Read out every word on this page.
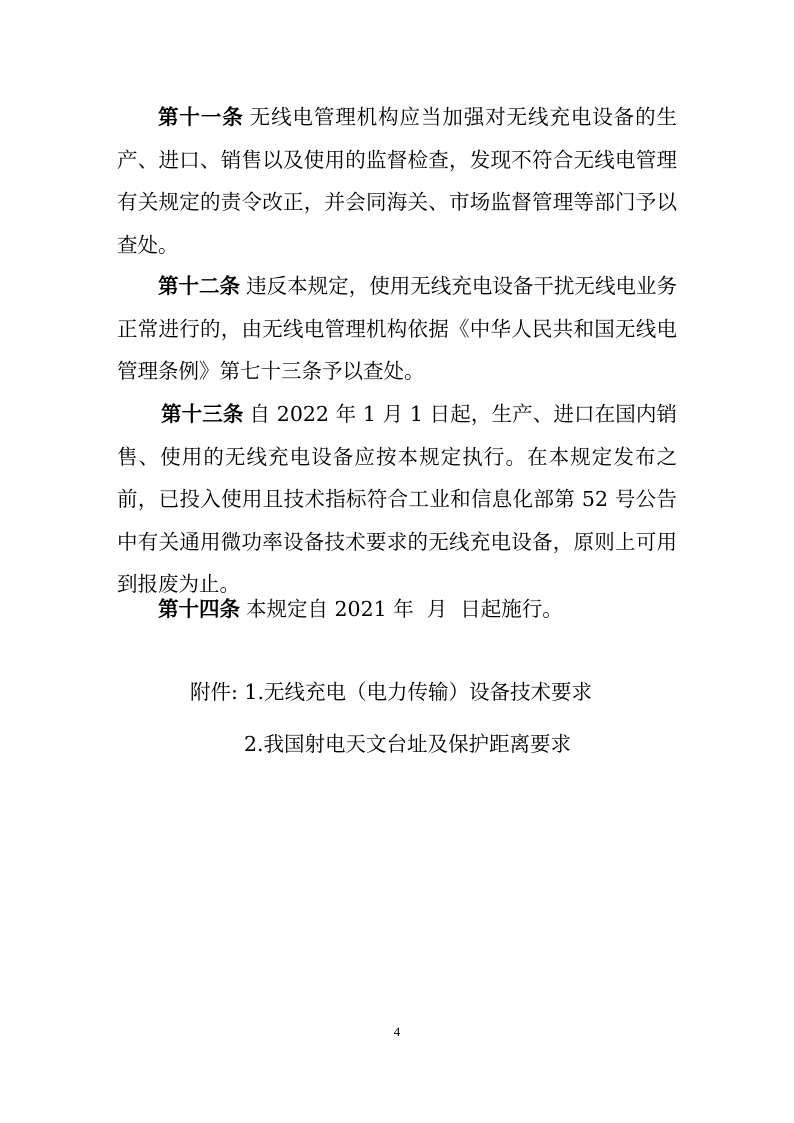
第十一条 无线电管理机构应当加强对无线充电设备的生产、进口、销售以及使用的监督检查，发现不符合无线电管理有关规定的责令改正，并会同海关、市场监督管理等部门予以查处。

第十二条 违反本规定，使用无线充电设备干扰无线电业务正常进行的，由无线电管理机构依据《中华人民共和国无线电管理条例》第七十三条予以查处。

第十三条 自 2022 年 1 月 1 日起，生产、进口在国内销售、使用的无线充电设备应按本规定执行。在本规定发布之前，已投入使用且技术指标符合工业和信息化部第 52 号公告中有关通用微功率设备技术要求的无线充电设备，原则上可用到报废为止。

第十四条 本规定自 2021 年  月  日起施行。

附件: 1.无线充电（电力传输）设备技术要求

2.我国射电天文台址及保护距离要求

4
